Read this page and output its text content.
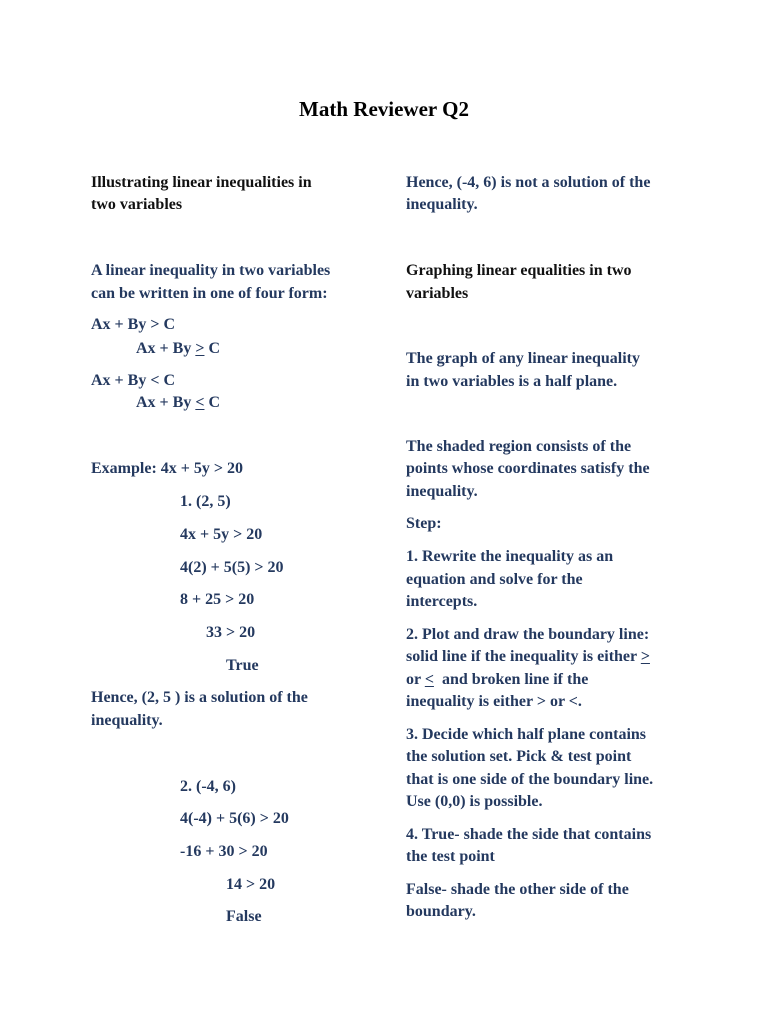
Math Reviewer Q2
Illustrating linear inequalities in
two variables
A linear inequality in two variables
can be written in one of four form:
Ax + By > C
Ax + By > C
Ax + By < C
Ax + By < C
Example: 4x + 5y > 20
1. (2, 5)
4x + 5y > 20
4(2) + 5(5) > 20
8 + 25 > 20
33 > 20
True
Hence, (2, 5 ) is a solution of the
inequality.
2. (-4, 6)
4(-4) + 5(6) > 20
-16 + 30 > 20
14 > 20
False
Hence, (-4, 6) is not a solution of the
inequality.
Graphing linear equalities in two
variables
The graph of any linear inequality
in two variables is a half plane.
The shaded region consists of the
points whose coordinates satisfy the
inequality.
Step:
1. Rewrite the inequality as an
equation and solve for the
intercepts.
2. Plot and draw the boundary line:
solid line if the inequality is either >
or <  and broken line if the
inequality is either > or <.
3. Decide which half plane contains
the solution set. Pick & test point
that is one side of the boundary line.
Use (0,0) is possible.
4. True- shade the side that contains
the test point
False- shade the other side of the
boundary.
